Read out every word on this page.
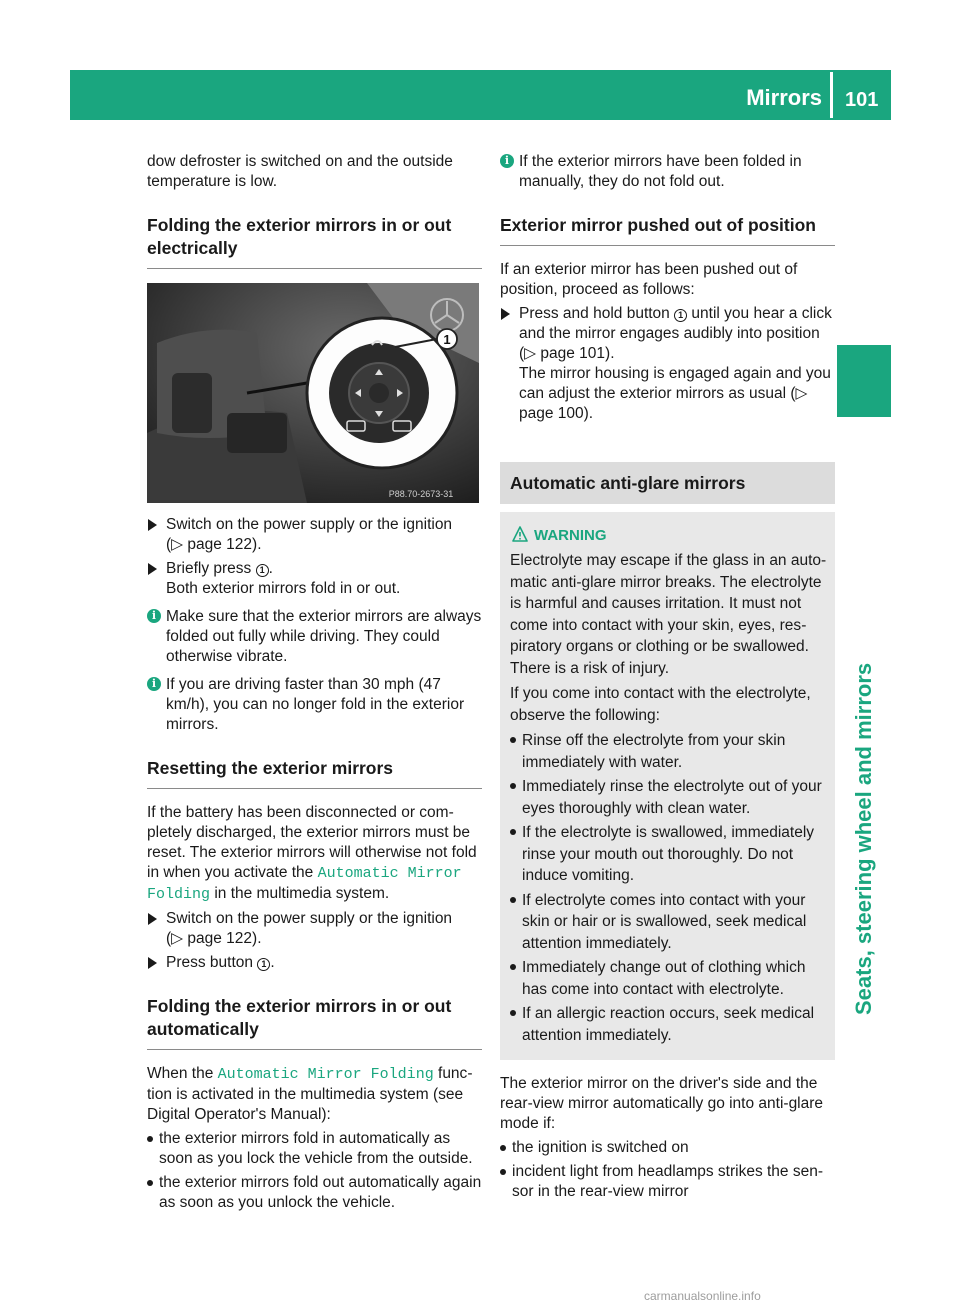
Mirrors 101
Seats, steering wheel and mirrors

dow defroster is switched on and the outside temperature is low.

Folding the exterior mirrors in or out electrically
1
P88.70-2673-31
Switch on the power supply or the ignition
(▷ page 122).
Briefly press 1 .
Both exterior mirrors fold in or out.
i Make sure that the exterior mirrors are always folded out fully while driving. They could otherwise vibrate.
i If you are driving faster than 30 mph (47 km/h), you can no longer fold in the exterior mirrors.
Resetting the exterior mirrors

If the battery has been disconnected or completely discharged, the exterior mirrors must be reset. The exterior mirrors will otherwise not fold in when you activate the Automatic Mirror Folding in the multimedia system.

Switch on the power supply or the ignition
(▷ page 122).
Press button 1 .
Folding the exterior mirrors in or out automatically

When the Automatic Mirror Folding function is activated in the multimedia system (see Digital Operator's Manual):

the exterior mirrors fold in automatically as soon as you lock the vehicle from the outside.
the exterior mirrors fold out automatically again as soon as you unlock the vehicle.
i If the exterior mirrors have been folded in manually, they do not fold out.
Exterior mirror pushed out of position

If an exterior mirror has been pushed out of position, proceed as follows:

Press and hold button 1 until you hear a click and the mirror engages audibly into position (▷ page 101).
The mirror housing is engaged again and you can adjust the exterior mirrors as usual (▷ page 100).
Automatic anti-glare mirrors
WARNING

Electrolyte may escape if the glass in an automatic anti-glare mirror breaks. The electrolyte is harmful and causes irritation. It must not come into contact with your skin, eyes, respiratory organs or clothing or be swallowed. There is a risk of injury.

If you come into contact with the electrolyte, observe the following:

Rinse off the electrolyte from your skin immediately with water.
Immediately rinse the electrolyte out of your eyes thoroughly with clean water.
If the electrolyte is swallowed, immediately rinse your mouth out thoroughly. Do not induce vomiting.
If electrolyte comes into contact with your skin or hair or is swallowed, seek medical attention immediately.
Immediately change out of clothing which has come into contact with electrolyte.
If an allergic reaction occurs, seek medical attention immediately.

The exterior mirror on the driver's side and the rear-view mirror automatically go into anti-glare mode if:

the ignition is switched on
incident light from headlamps strikes the sensor in the rear-view mirror
carmanualsonline.info
